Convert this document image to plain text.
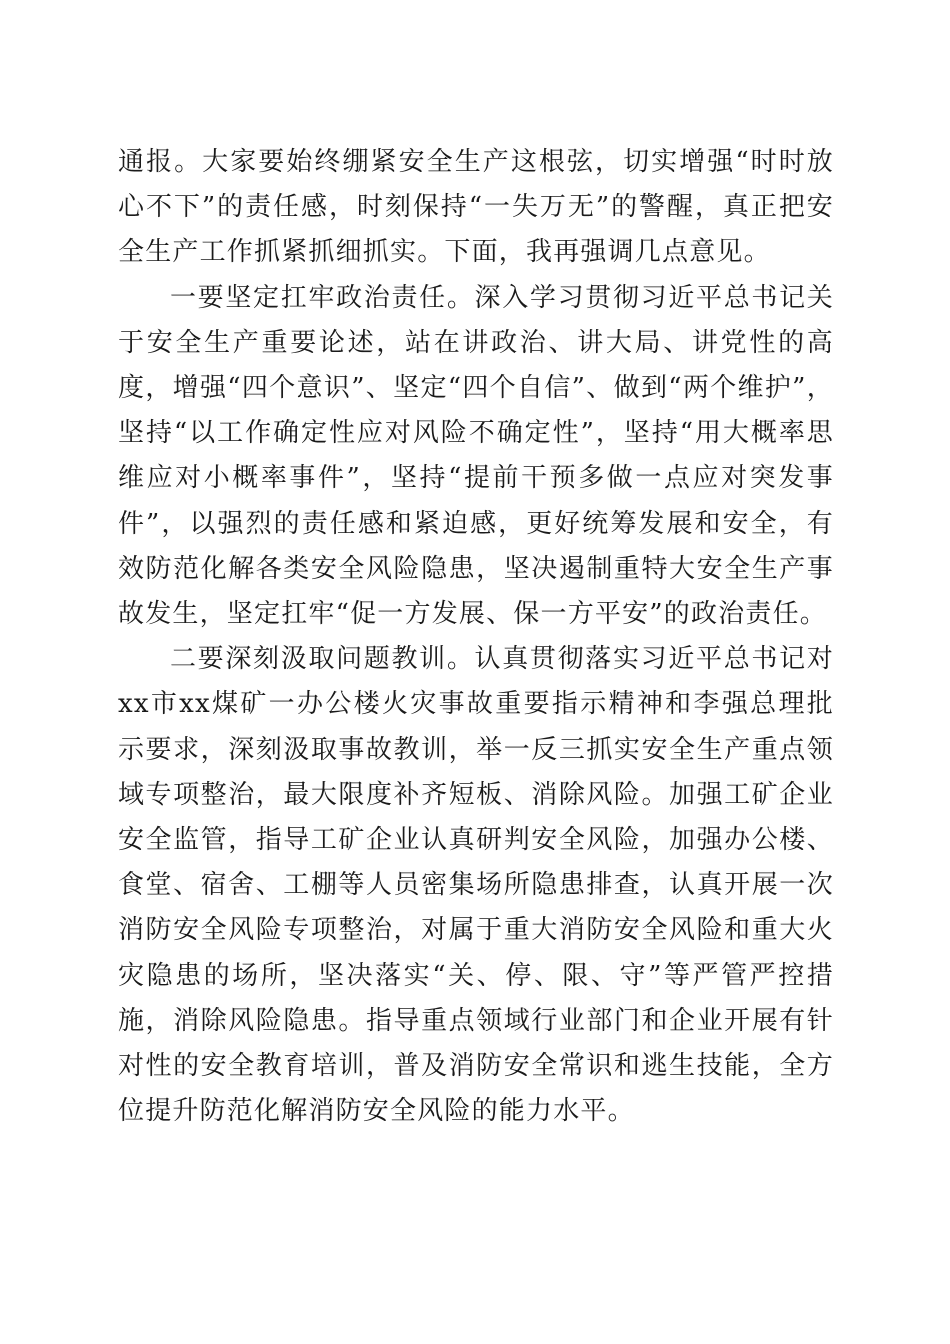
通报。大家要始终绷紧安全生产这根弦，切实增强“时时放心不下”的责任感，时刻保持“一失万无”的警醒，真正把安全生产工作抓紧抓细抓实。下面，我再强调几点意见。

一要坚定扛牢政治责任。深入学习贯彻习近平总书记关于安全生产重要论述，站在讲政治、讲大局、讲党性的高度，增强“四个意识”、坚定“四个自信”、做到“两个维护”，坚持“以工作确定性应对风险不确定性”，坚持“用大概率思维应对小概率事件”，坚持“提前干预多做一点应对突发事件”，以强烈的责任感和紧迫感，更好统筹发展和安全，有效防范化解各类安全风险隐患，坚决遏制重特大安全生产事故发生，坚定扛牢“促一方发展、保一方平安”的政治责任。

二要深刻汲取问题教训。认真贯彻落实习近平总书记对xx市xx煤矿一办公楼火灾事故重要指示精神和李强总理批示要求，深刻汲取事故教训，举一反三抓实安全生产重点领域专项整治，最大限度补齐短板、消除风险。加强工矿企业安全监管，指导工矿企业认真研判安全风险，加强办公楼、食堂、宿舍、工棚等人员密集场所隐患排查，认真开展一次消防安全风险专项整治，对属于重大消防安全风险和重大火灾隐患的场所，坚决落实“关、停、限、守”等严管严控措施，消除风险隐患。指导重点领域行业部门和企业开展有针对性的安全教育培训，普及消防安全常识和逃生技能，全方位提升防范化解消防安全风险的能力水平。
